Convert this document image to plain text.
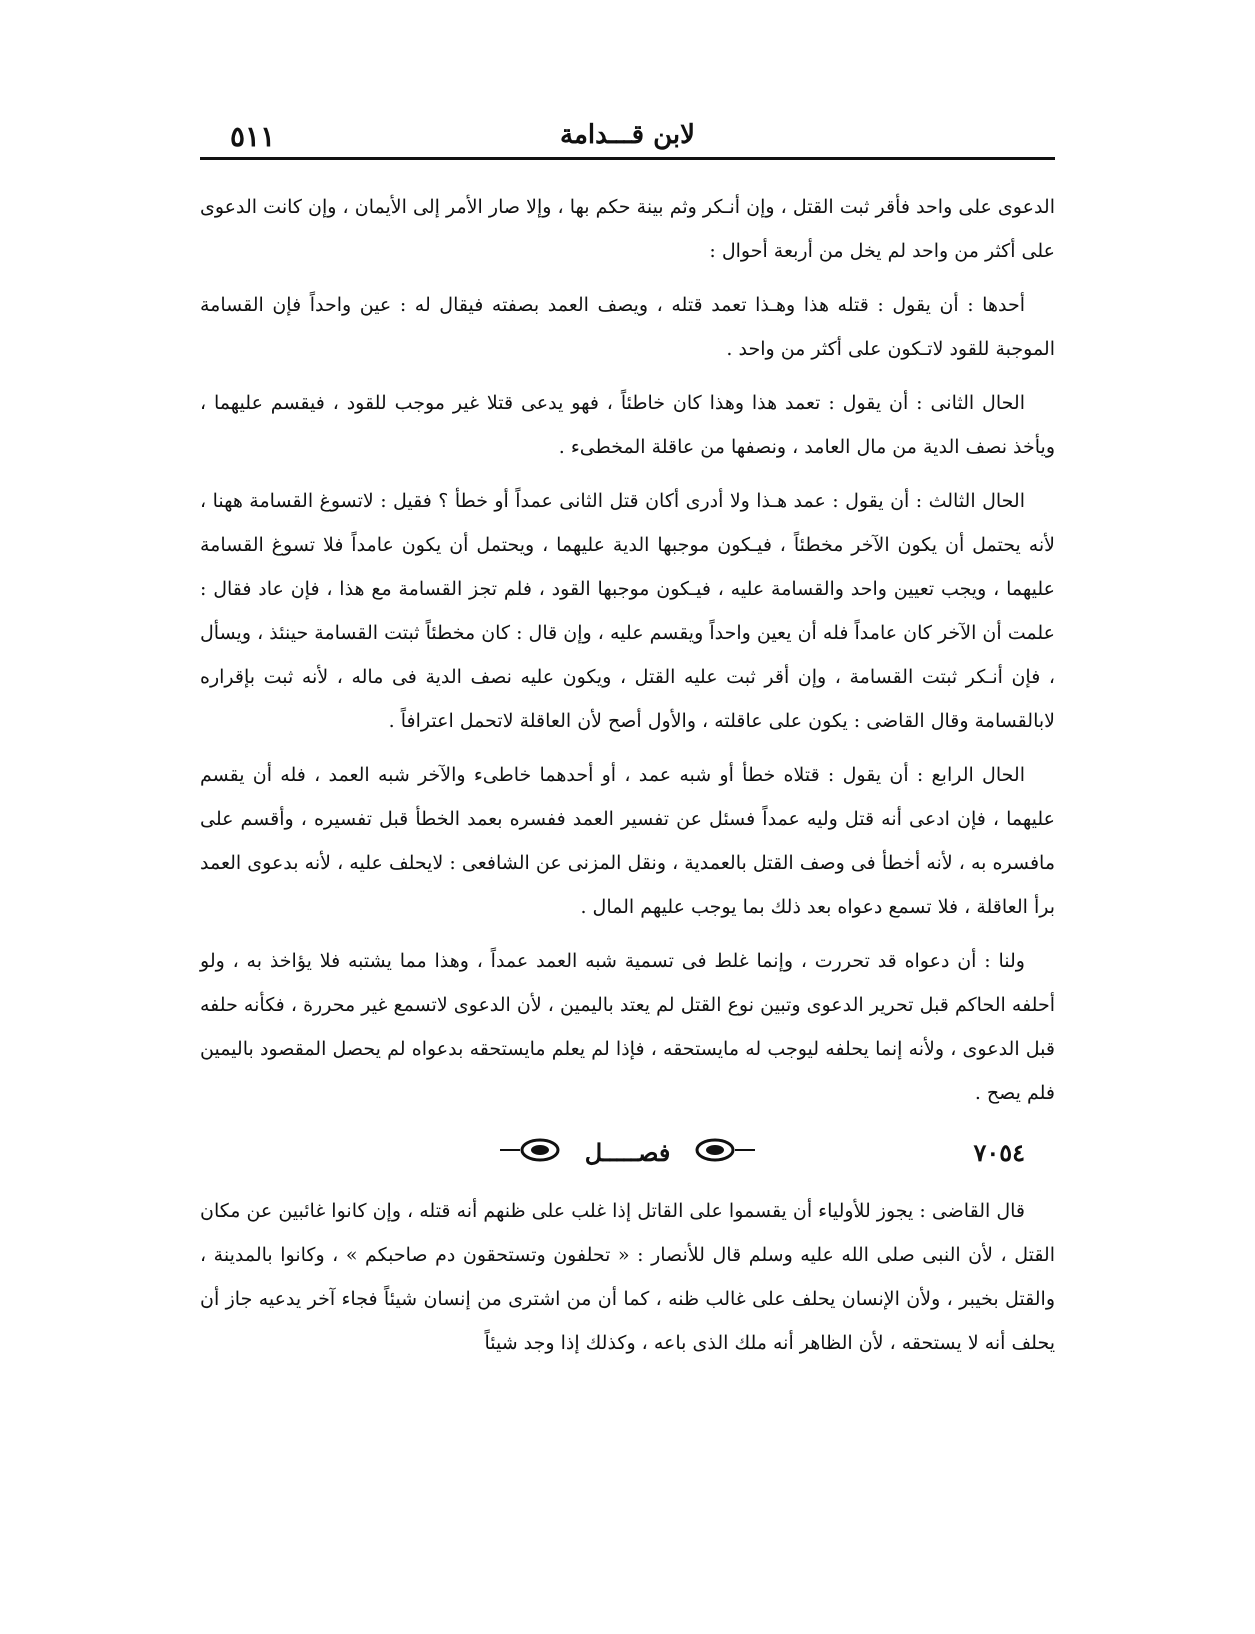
٥١١	لابن قـــدامة

الدعوى على واحد فأقر ثبت القتل ، وإن أنـكر وثم بينة حكم بها ، وإلا صار الأمر إلى الأيمان ، وإن كانت الدعوى على أكثر من واحد لم يخل من أربعة أحوال :

أحدها : أن يقول : قتله هذا وهـذا تعمد قتله ، ويصف العمد بصفته فيقال له : عين واحداً فإن القسامة الموجبة للقود لاتـكون على أكثر من واحد .

الحال الثانى : أن يقول : تعمد هذا وهذا كان خاطئاً ، فهو يدعى قتلا غير موجب للقود ، فيقسم عليهما ، ويأخذ نصف الدية من مال العامد ، ونصفها من عاقلة المخطىء .

الحال الثالث : أن يقول : عمد هـذا ولا أدرى أكان قتل الثانى عمداً أو خطأ ؟ فقيل : لاتسوغ القسامة ههنا ، لأنه يحتمل أن يكون الآخر مخطئاً ، فيـكون موجبها الدية عليهما ، ويحتمل أن يكون عامداً فلا تسوغ القسامة عليهما ، ويجب تعيين واحد والقسامة عليه ، فيـكون موجبها القود ، فلم تجز القسامة مع هذا ، فإن عاد فقال : علمت أن الآخر كان عامداً فله أن يعين واحداً ويقسم عليه ، وإن قال : كان مخطئاً ثبتت القسامة حينئذ ، ويسأل ، فإن أنـكر ثبتت القسامة ، وإن أقر ثبت عليه القتل ، ويكون عليه نصف الدية فى ماله ، لأنه ثبت بإقراره لابالقسامة وقال القاضى : يكون على عاقلته ، والأول أصح لأن العاقلة لاتحمل اعترافاً .

الحال الرابع : أن يقول : قتلاه خطأ أو شبه عمد ، أو أحدهما خاطىء والآخر شبه العمد ، فله أن يقسم عليهما ، فإن ادعى أنه قتل وليه عمداً فسئل عن تفسير العمد ففسره بعمد الخطأ قبل تفسيره ، وأقسم على مافسره به ، لأنه أخطأ فى وصف القتل بالعمدية ، ونقل المزنى عن الشافعى : لايحلف عليه ، لأنه بدعوى العمد برأ العاقلة ، فلا تسمع دعواه بعد ذلك بما يوجب عليهم المال .

ولنا : أن دعواه قد تحررت ، وإنما غلط فى تسمية شبه العمد عمداً ، وهذا مما يشتبه فلا يؤاخذ به ، ولو أحلفه الحاكم قبل تحرير الدعوى وتبين نوع القتل لم يعتد باليمين ، لأن الدعوى لاتسمع غير محررة ، فكأنه حلفه قبل الدعوى ، ولأنه إنما يحلفه ليوجب له مايستحقه ، فإذا لم يعلم مايستحقه بدعواه لم يحصل المقصود باليمين فلم يصح .

٧٠٥٤
فصـــــل

قال القاضى : يجوز للأولياء أن يقسموا على القاتل إذا غلب على ظنهم أنه قتله ، وإن كانوا غائبين عن مكان القتل ، لأن النبى صلى الله عليه وسلم قال للأنصار : « تحلفون وتستحقون دم صاحبكم » ، وكانوا بالمدينة ، والقتل بخيبر ، ولأن الإنسان يحلف على غالب ظنه ، كما أن من اشترى من إنسان شيئاً فجاء آخر يدعيه جاز أن يحلف أنه لا يستحقه ، لأن الظاهر أنه ملك الذى باعه ، وكذلك إذا وجد شيئاً
